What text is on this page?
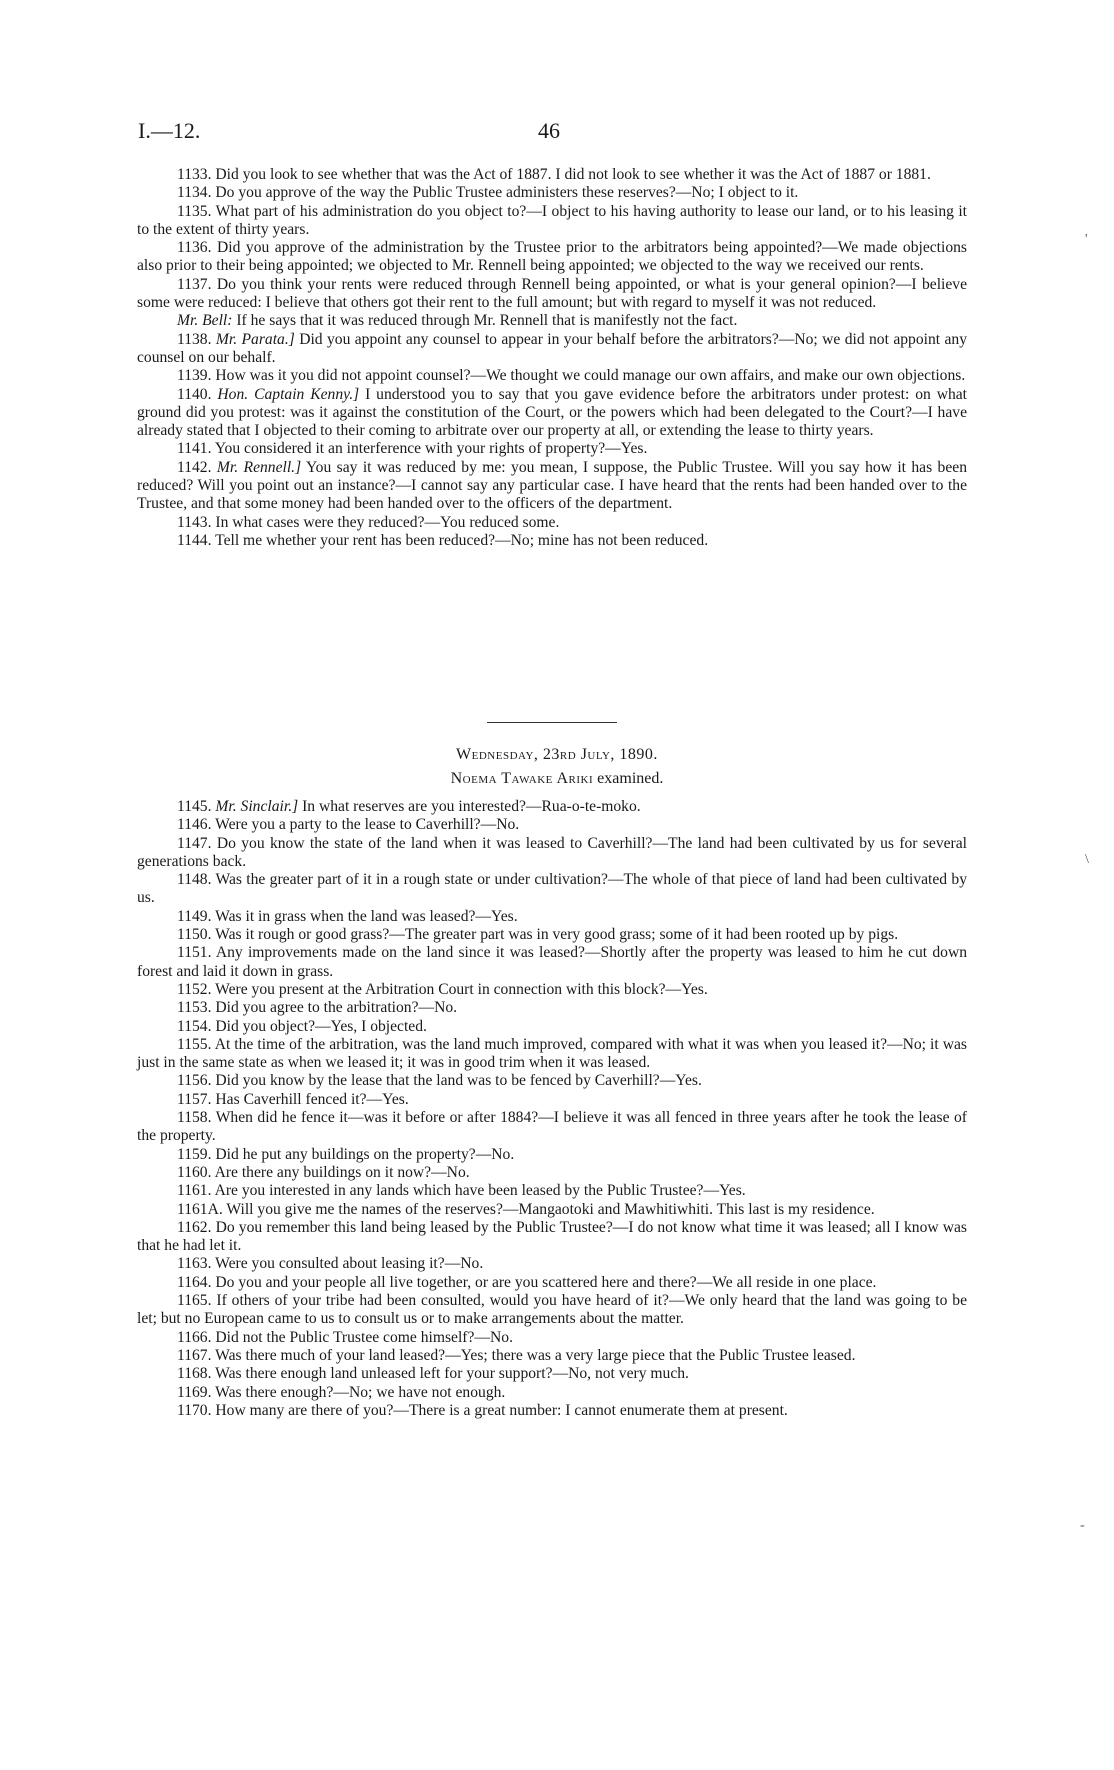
I.—12.	46

1133. Did you look to see whether that was the Act of 1887. I did not look to see whether it was the Act of 1887 or 1881.

1134. Do you approve of the way the Public Trustee administers these reserves?—No; I object to it.

1135. What part of his administration do you object to?—I object to his having authority to lease our land, or to his leasing it to the extent of thirty years.

1136. Did you approve of the administration by the Trustee prior to the arbitrators being appointed?—We made objections also prior to their being appointed; we objected to Mr. Rennell being appointed; we objected to the way we received our rents.

1137. Do you think your rents were reduced through Rennell being appointed, or what is your general opinion?—I believe some were reduced: I believe that others got their rent to the full amount; but with regard to myself it was not reduced.

Mr. Bell: If he says that it was reduced through Mr. Rennell that is manifestly not the fact.

1138. Mr. Parata.] Did you appoint any counsel to appear in your behalf before the arbitrators?—No; we did not appoint any counsel on our behalf.

1139. How was it you did not appoint counsel?—We thought we could manage our own affairs, and make our own objections.

1140. Hon. Captain Kenny.] I understood you to say that you gave evidence before the arbitrators under protest: on what ground did you protest: was it against the constitution of the Court, or the powers which had been delegated to the Court?—I have already stated that I objected to their coming to arbitrate over our property at all, or extending the lease to thirty years.

1141. You considered it an interference with your rights of property?—Yes.

1142. Mr. Rennell.] You say it was reduced by me: you mean, I suppose, the Public Trustee. Will you say how it has been reduced? Will you point out an instance?—I cannot say any particular case. I have heard that the rents had been handed over to the Trustee, and that some money had been handed over to the officers of the department.

1143. In what cases were they reduced?—You reduced some.

1144. Tell me whether your rent has been reduced?—No; mine has not been reduced.

Wednesday, 23rd July, 1890.
Noema Tawake Ariki examined.

1145. Mr. Sinclair.] In what reserves are you interested?—Rua-o-te-moko.

1146. Were you a party to the lease to Caverhill?—No.

1147. Do you know the state of the land when it was leased to Caverhill?—The land had been cultivated by us for several generations back.

1148. Was the greater part of it in a rough state or under cultivation?—The whole of that piece of land had been cultivated by us.

1149. Was it in grass when the land was leased?—Yes.

1150. Was it rough or good grass?—The greater part was in very good grass; some of it had been rooted up by pigs.

1151. Any improvements made on the land since it was leased?—Shortly after the property was leased to him he cut down forest and laid it down in grass.

1152. Were you present at the Arbitration Court in connection with this block?—Yes.

1153. Did you agree to the arbitration?—No.

1154. Did you object?—Yes, I objected.

1155. At the time of the arbitration, was the land much improved, compared with what it was when you leased it?—No; it was just in the same state as when we leased it; it was in good trim when it was leased.

1156. Did you know by the lease that the land was to be fenced by Caverhill?—Yes.

1157. Has Caverhill fenced it?—Yes.

1158. When did he fence it—was it before or after 1884?—I believe it was all fenced in three years after he took the lease of the property.

1159. Did he put any buildings on the property?—No.

1160. Are there any buildings on it now?—No.

1161. Are you interested in any lands which have been leased by the Public Trustee?—Yes.

1161A. Will you give me the names of the reserves?—Mangaotoki and Mawhitiwhiti. This last is my residence.

1162. Do you remember this land being leased by the Public Trustee?—I do not know what time it was leased; all I know was that he had let it.

1163. Were you consulted about leasing it?—No.

1164. Do you and your people all live together, or are you scattered here and there?—We all reside in one place.

1165. If others of your tribe had been consulted, would you have heard of it?—We only heard that the land was going to be let; but no European came to us to consult us or to make arrangements about the matter.

1166. Did not the Public Trustee come himself?—No.

1167. Was there much of your land leased?—Yes; there was a very large piece that the Public Trustee leased.

1168. Was there enough land unleased left for your support?—No, not very much.

1169. Was there enough?—No; we have not enough.

1170. How many are there of you?—There is a great number: I cannot enumerate them at present.

'
\
-
